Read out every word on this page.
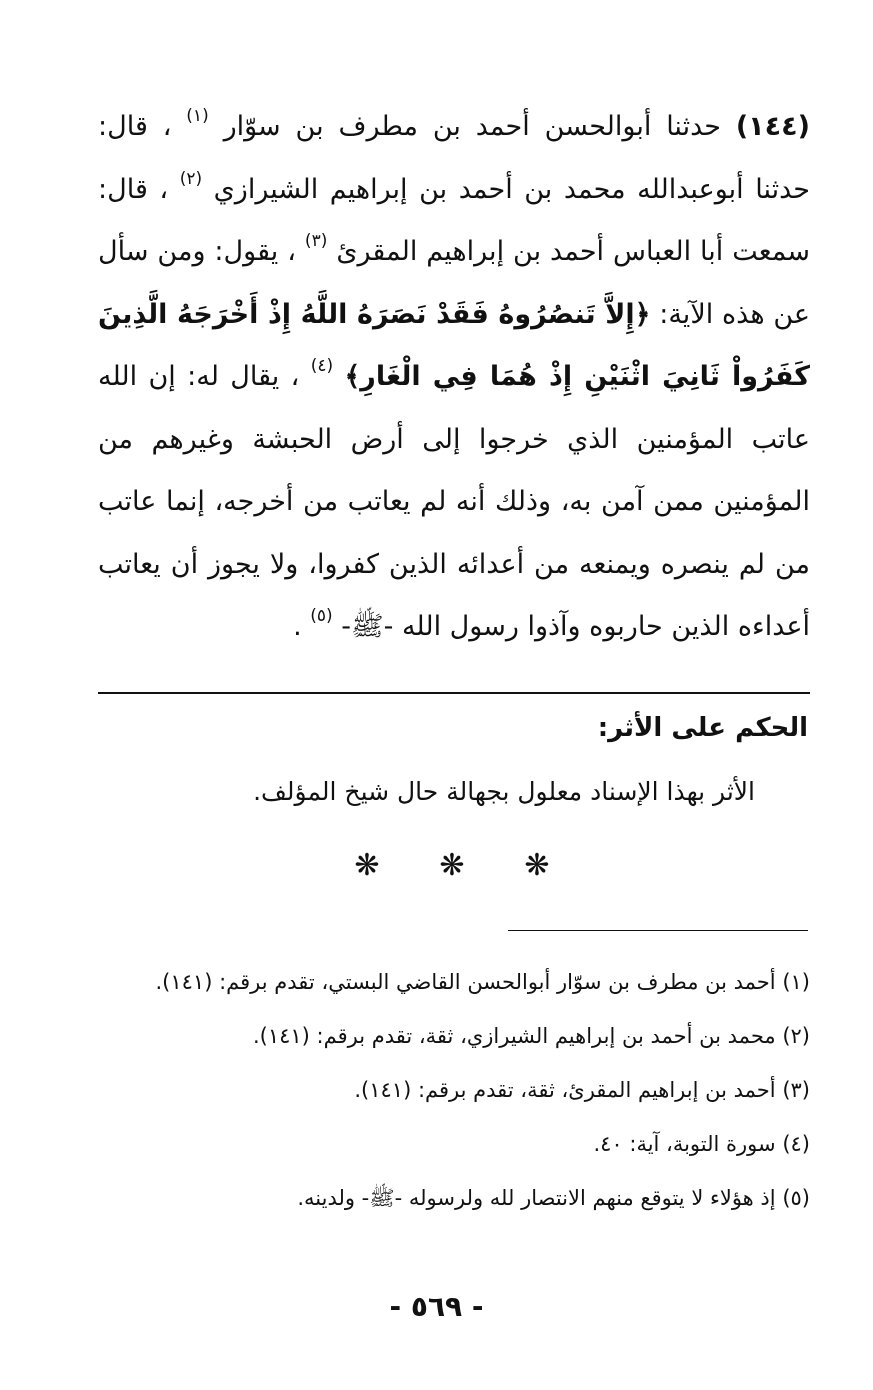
(١٤٤) حدثنا أبوالحسن أحمد بن مطرف بن سوّار $^{(١)}$ ، قال: حدثنا أبوعبدالله محمد بن أحمد بن إبراهيم الشيرازي $^{(٢)}$ ، قال: سمعت أبا العباس أحمد بن إبراهيم المقرئ $^{(٣)}$ ، يقول: ومن سأل عن هذه الآية: ﴿إِلاَّ تَنصُرُوهُ فَقَدْ نَصَرَهُ اللَّهُ إِذْ أَخْرَجَهُ الَّذِينَ كَفَرُواْ ثَانِيَ اثْنَيْنِ إِذْ هُمَا فِي الْغَارِ﴾ $^{(٤)}$ ، يقال له: إن الله عاتب المؤمنين الذي خرجوا إلى أرض الحبشة وغيرهم من المؤمنين ممن آمن به، وذلك أنه لم يعاتب من أخرجه، إنما عاتب من لم ينصره ويمنعه من أعدائه الذين كفروا، ولا يجوز أن يعاتب أعداءه الذين حاربوه وآذوا رسول الله -ﷺ- $^{(٥)}$ .

الحكم على الأثر:
الأثر بهذا الإسناد معلول بجهالة حال شيخ المؤلف.
❋ ❋ ❋

(١) أحمد بن مطرف بن سوّار أبوالحسن القاضي البستي، تقدم برقم: (١٤١).

(٢) محمد بن أحمد بن إبراهيم الشيرازي، ثقة، تقدم برقم: (١٤١).

(٣) أحمد بن إبراهيم المقرئ، ثقة، تقدم برقم: (١٤١).

(٤) سورة التوبة، آية: ٤٠.

(٥) إذ هؤلاء لا يتوقع منهم الانتصار لله ولرسوله -ﷺ- ولدينه.

- ٥٦٩ -
